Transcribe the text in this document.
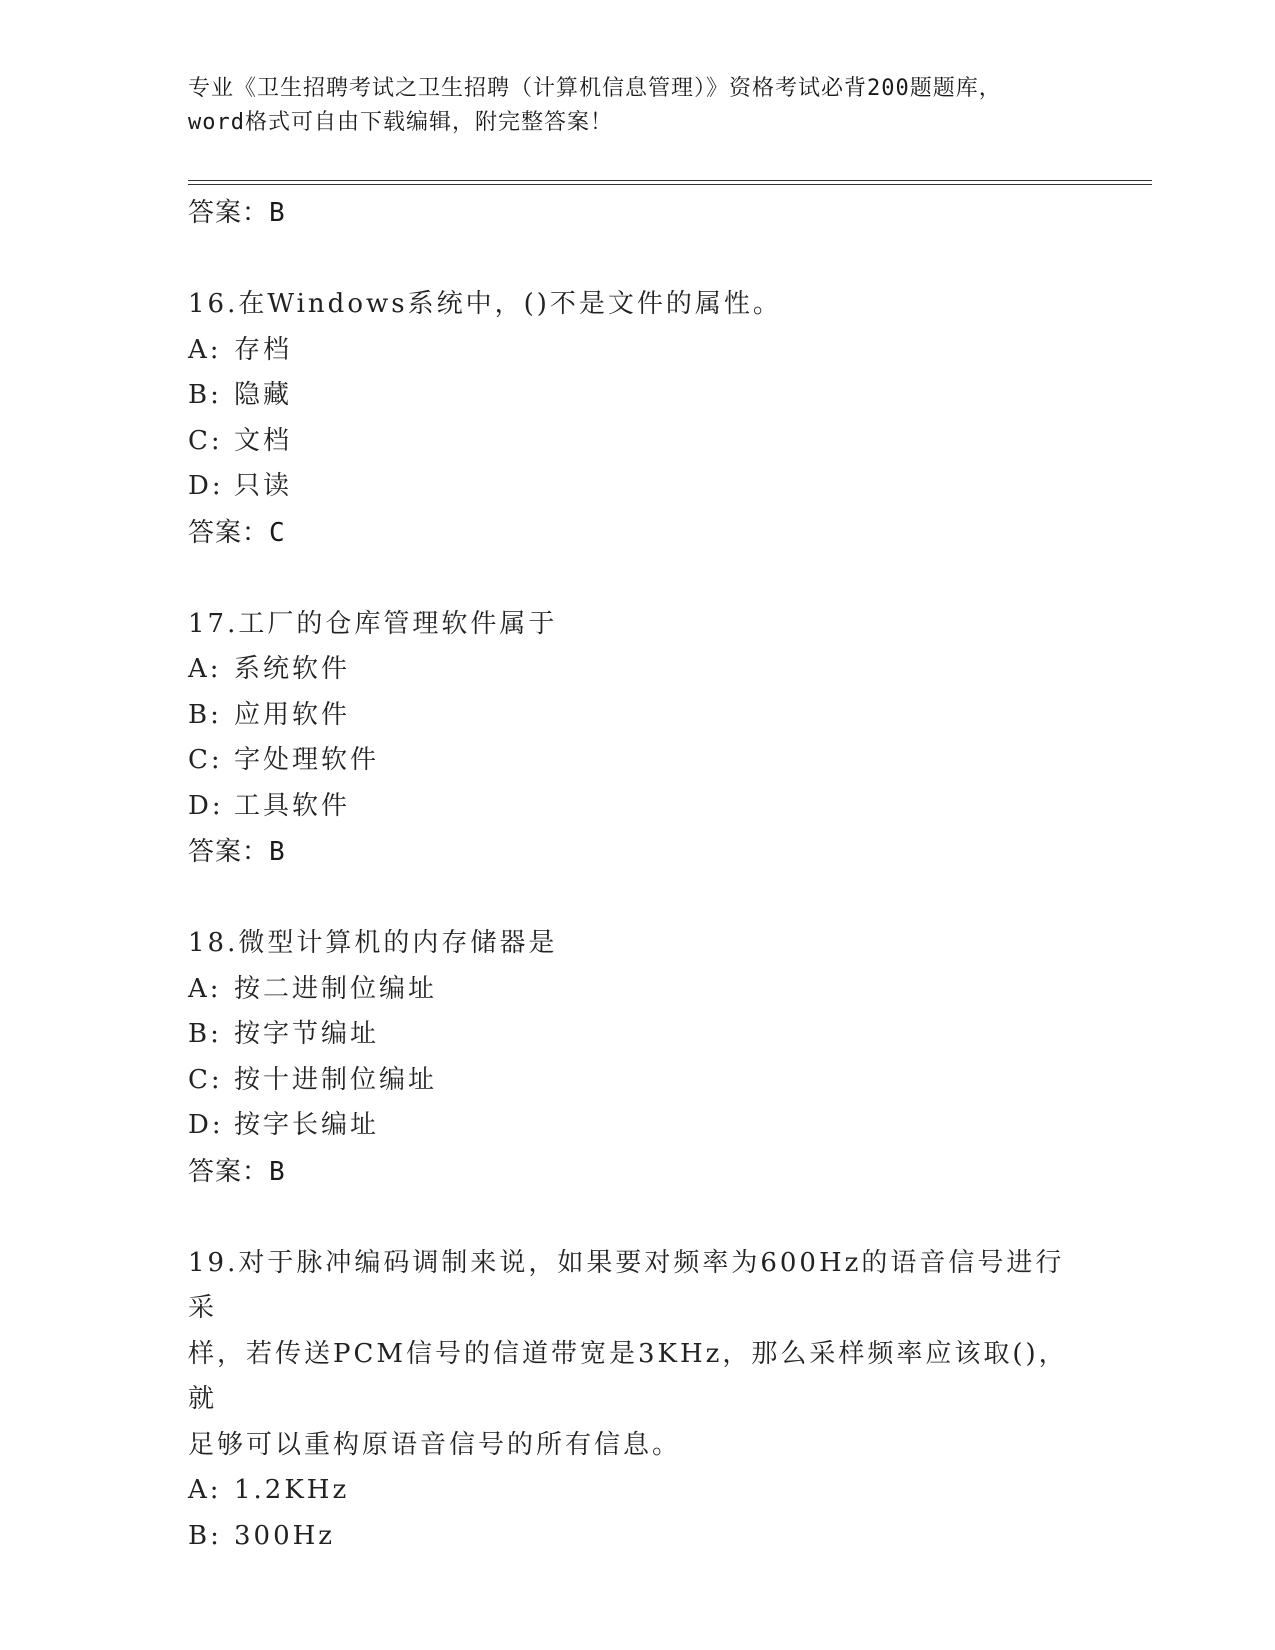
专业《卫生招聘考试之卫生招聘（计算机信息管理）》资格考试必背200题题库，
word格式可自由下载编辑，附完整答案！
答案：B
16.在Windows系统中，()不是文件的属性。
A: 存档
B: 隐藏
C: 文档
D: 只读
答案：C
17.工厂的仓库管理软件属于
A: 系统软件
B: 应用软件
C: 字处理软件
D: 工具软件
答案：B
18.微型计算机的内存储器是
A: 按二进制位编址
B: 按字节编址
C: 按十进制位编址
D: 按字长编址
答案：B
19.对于脉冲编码调制来说，如果要对频率为600Hz的语音信号进行采
样，若传送PCM信号的信道带宽是3KHz，那么采样频率应该取()，就
足够可以重构原语音信号的所有信息。
A: 1.2KHz
B: 300Hz
